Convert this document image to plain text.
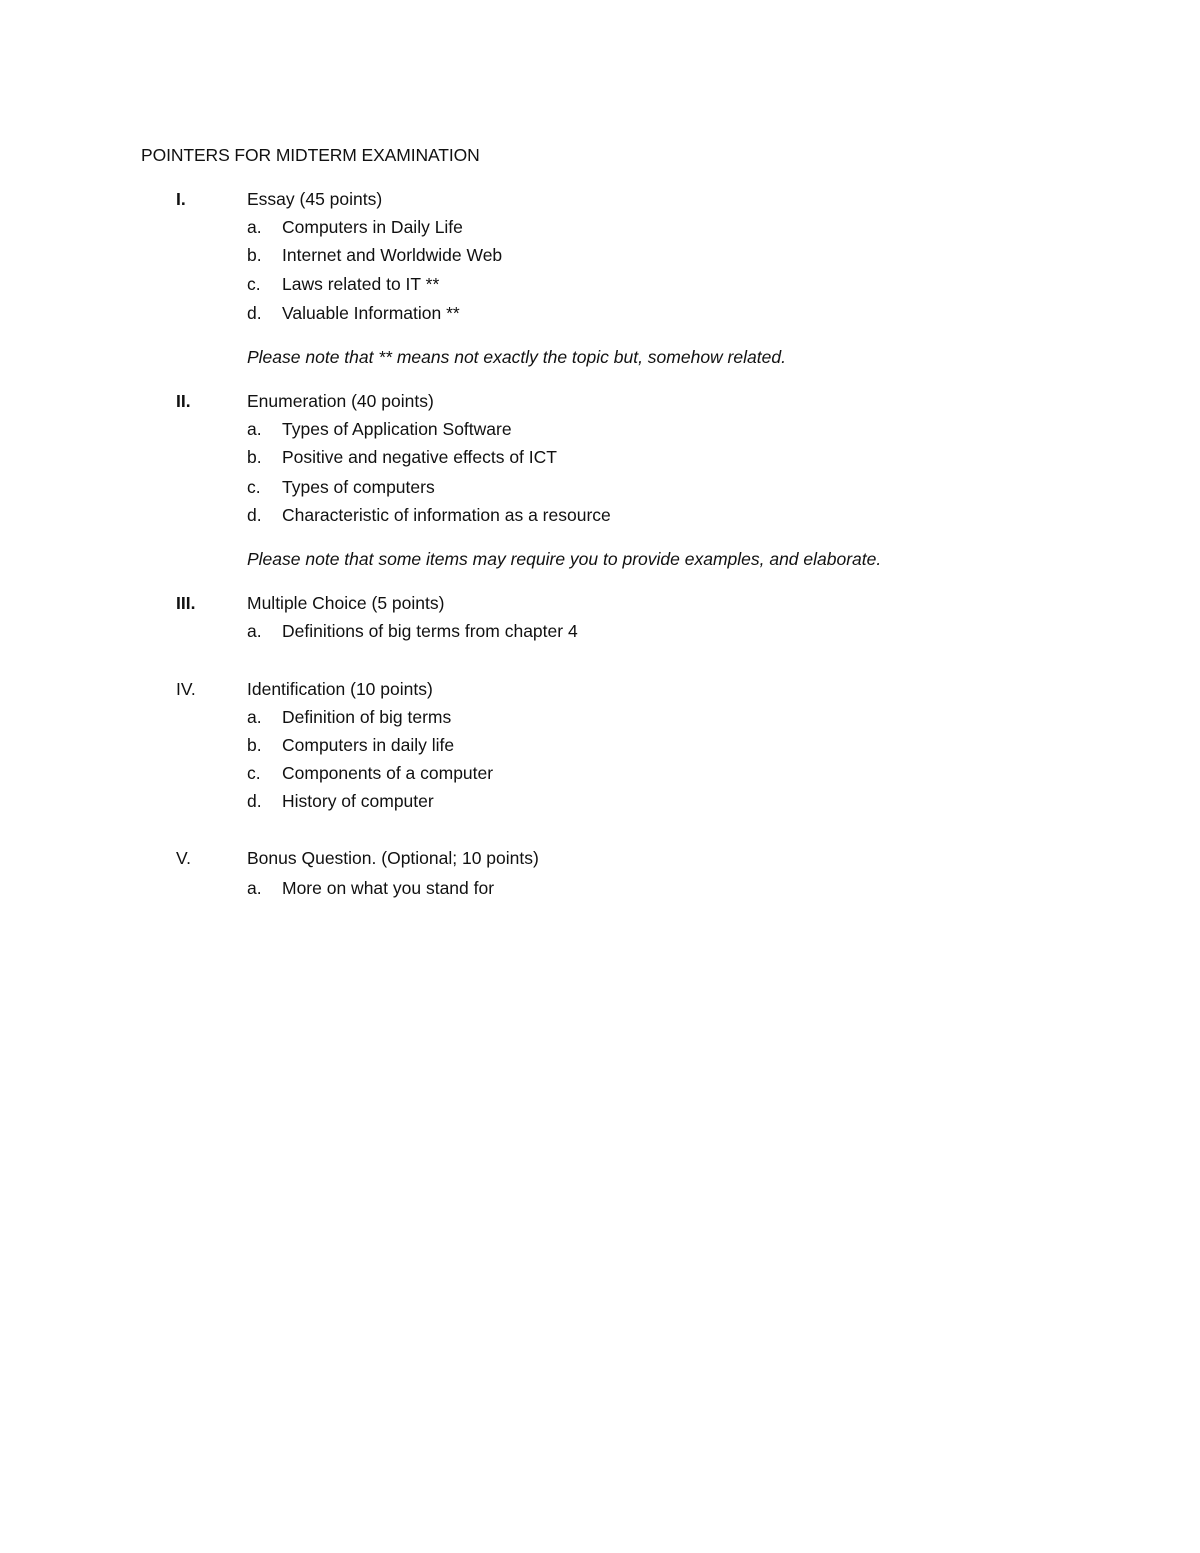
POINTERS FOR MIDTERM EXAMINATION
I.	Essay (45 points)
a. Computers in Daily Life
b. Internet and Worldwide Web
c. Laws related to IT **
d. Valuable Information **
Please note that ** means not exactly the topic but, somehow related.
II.	Enumeration (40 points)
a. Types of Application Software
b. Positive and negative effects of ICT
c. Types of computers
d. Characteristic of information as a resource
Please note that some items may require you to provide examples, and elaborate.
III.	Multiple Choice (5 points)
a. Definitions of big terms from chapter 4
IV.	Identification (10 points)
a. Definition of big terms
b. Computers in daily life
c. Components of a computer
d. History of computer
V.	Bonus Question. (Optional; 10 points)
a. More on what you stand for
